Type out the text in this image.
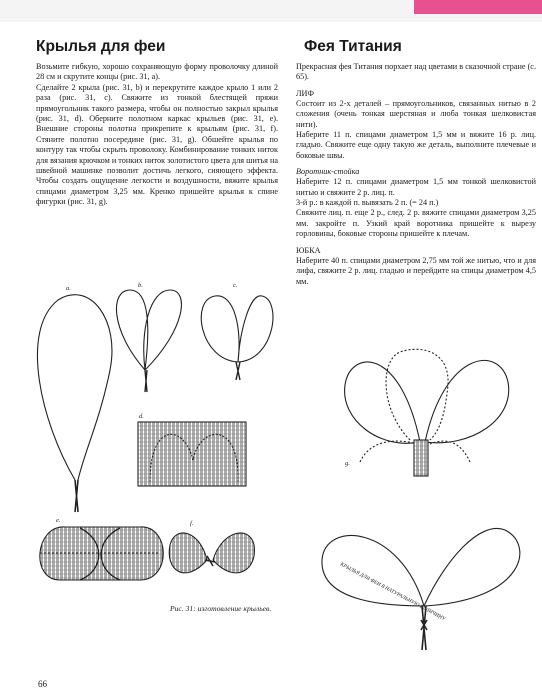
Крылья для феи

Возьмите гибкую, хорошо сохраняющую форму проволочку длиной 28 см и скрутите концы (рис. 31, a).

Сделайте 2 крыла (рис. 31, b) и перекрутите каждое крыло 1 или 2 раза (рис. 31, c). Свяжите из тонкой блестящей пряжи прямоугольник такого размера, чтобы он полностью закрыл крылья (рис. 31, d). Оберните полотном каркас крыльев (рис. 31, e). Внешние стороны полотна прикрепите к крыльям (рис. 31, f). Стяните полотно посередине (рис. 31, g). Обшейте крылья по контуру так чтобы скрыть проволоку. Комбинирование тонких ниток для вязания крючком и тонких ниток золотистого цвета для шитья на швейной машинке позволит достичь легкого, сияющего эффекта. Чтобы создать ощущение легкости и воздушности, вяжите крылья спицами диаметром 3,25 мм. Кренко пришейте крылья к спине фигурки (рис. 31, g).

Фея Титания

Прекрасная фея Титания порхает над цветами в сказочной стране (с. 65).

ЛИФ

Состоит из 2-х деталей – прямоугольников, связанных нитью в 2 сложения (очень тонкая шерстяная и люба тонкая шелковистая нити).

Наберите 11 п. спицами диаметром 1,5 мм и вяжите 16 р. лиц. гладью. Свяжите еще одну такую же деталь, выполните плечевые и боковые швы.

Воротник-стойка

Наберите 12 п. спицами диаметром 1,5 мм тонкой шелковистой нитью и свяжите 2 р. лиц. п.

3-й р.: в каждой п. вывязать 2 п. (= 24 п.)

Свяжите лиц. п. еще 2 р., след. 2 р. вяжите спицами диаметром 3,25 мм. закройте п. Узкий край воротника пришейте к вырезу горловины, боковые стороны пришейте к плечам.

ЮБКА

Наберите 40 п. спицами диаметром 2,75 мм той же нитью, что и для лифа, свяжите 2 р. лиц. гладью и перейдите на спицы диаметром 4,5 мм.

a.	b.	c.
d.
e.	f.
g.
КРЫЛЬЯ ДЛЯ ФЕИ В НАТУРАЛЬНУЮ ВЕЛИЧИНУ
Рис. 31: изготовление крыльев.
66
